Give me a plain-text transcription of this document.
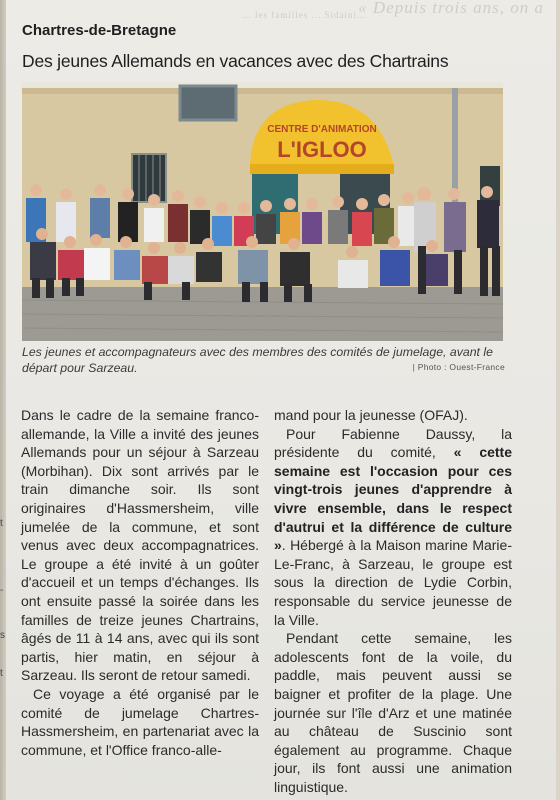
t
-
s
t
« Depuis trois ans, on a
... les familles ... Sidaini...
Chartres-de-Bretagne
Des jeunes Allemands en vacances avec des Chartrains
CENTRE D'ANIMATION
L'IGLOO
Les jeunes et accompagnateurs avec des membres des comités de jumelage, avant le départ pour Sarzeau.	| Photo : Ouest-France

Dans le cadre de la semaine franco-allemande, la Ville a invité des jeunes Allemands pour un séjour à Sarzeau (Morbihan). Dix sont arrivés par le train dimanche soir. Ils sont originaires d'Hassmersheim, ville jumelée de la commune, et sont venus avec deux accompagnatrices. Le groupe a été invité à un goûter d'accueil et un temps d'échanges. Ils ont ensuite passé la soirée dans les familles de treize jeunes Chartrains, âgés de 11 à 14 ans, avec qui ils sont partis, hier matin, en séjour à Sarzeau. Ils seront de retour samedi.

Ce voyage a été organisé par le comité de jumelage Chartres-Hassmersheim, en partenariat avec la commune, et l'Office franco-alle-

mand pour la jeunesse (OFAJ).

Pour Fabienne Daussy, la présidente du comité, « cette semaine est l'occasion pour ces vingt-trois jeunes d'apprendre à vivre ensemble, dans le respect d'autrui et la différence de culture ». Hébergé à la Maison marine Marie-Le-Franc, à Sarzeau, le groupe est sous la direction de Lydie Corbin, responsable du service jeunesse de la Ville.

Pendant cette semaine, les adolescents font de la voile, du paddle, mais peuvent aussi se baigner et profiter de la plage. Une journée sur l'île d'Arz et une matinée au château de Suscinio sont également au programme. Chaque jour, ils font aussi une animation linguistique.
